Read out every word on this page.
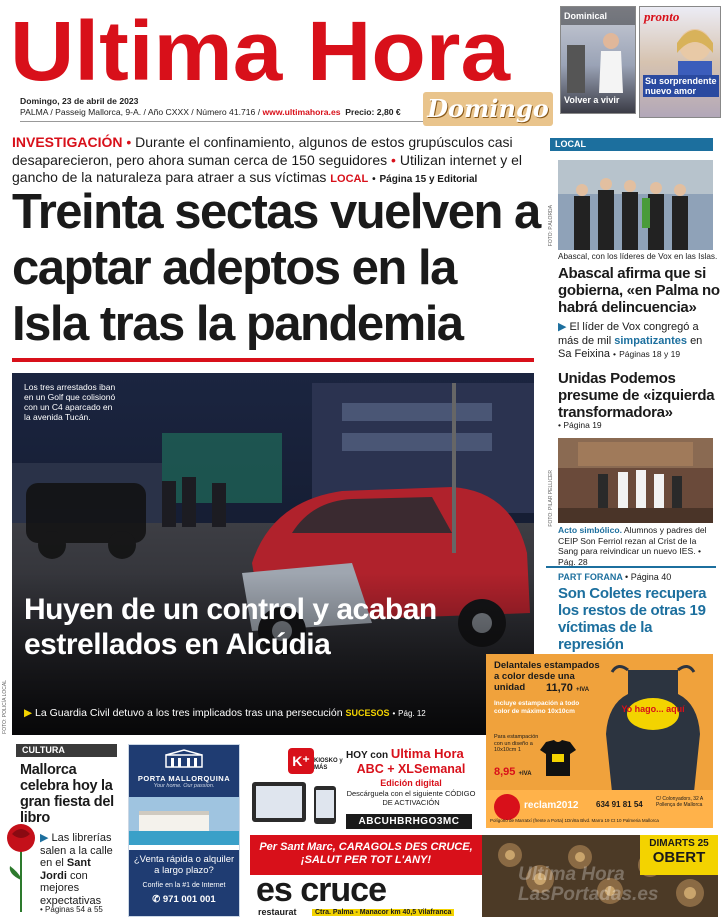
Ultima Hora
Domingo, 23 de abril de 2023
PALMA / Passeig Mallorca, 9-A. / Año CXXX / Número 41.716 / www.ultimahora.es Precio: 2,80 €	Domingo
Dominical
Volver a vivir
pronto
Su sorprendente nuevo amor
INVESTIGACIÓN • Durante el confinamiento, algunos de estos grupúsculos casi desaparecieron, pero ahora suman cerca de 150 seguidores • Utilizan internet y el gancho de la naturaleza para atraer a sus víctimas LOCAL • Página 15 y Editorial
Treinta sectas vuelven a captar adeptos en la Isla tras la pandemia
Los tres arrestados iban en un Golf que colisionó con un C4 aparcado en la avenida Tucán.
Huyen de un control y acaban estrellados en Alcúdia
▶ La Guardia Civil detuvo a los tres implicados tras una persecución SUCESOS • Pág. 12
FOTO: POLICÍA LOCAL
LOCAL
FOTO: P.ALORDA
Abascal, con los líderes de Vox en las Islas.
Abascal afirma que si gobierna, «en Palma no habrá delincuencia»
▶ El líder de Vox congregó a más de mil simpatizantes en Sa Feixina • Páginas 18 y 19
Unidas Podemos presume de «izquierda transformadora»
• Página 19
FOTO: PILAR PELLICER
Acto simbólico. Alumnos y padres del CEIP Son Ferriol rezan al Crist de la Sang para reivindicar un nuevo IES. • Pág. 28
PART FORANA • Página 40
Son Coletes recupera los restos de otras 19 víctimas de la represión
Delantales estampados a color desde una unidad	11,70 +IVA
Incluye estampación a todo color de máximo 10x10cm
Para estampación con un diseño a 10x10cm 1
8,95 +IVA
Yo hago... aquí
reclam2012 634 91 81 54
C/ Colonyadors, 32 A Pollença de Mallorca
Polígono de Marratxí (frente a Porta) 1Dn/8a Blvd. Marra 19 Ct 10 Palmeria Mallorca
CULTURA
Mallorca celebra hoy la gran fiesta del libro
▶ Las librerías salen a la calle en el Sant Jordi con mejores expectativas
• Páginas 54 a 55
PORTA MALLORQUINA
Your home. Our passion.
¿Venta rápida o alquiler a largo plazo?
Confíe en la #1 de Internet
✆ 971 001 001
K⁺ KIOSKO y MÁS
HOY con Ultima Hora
ABC + XLSemanal
Edición digital
Descárguela con el siguiente CÓDIGO DE ACTIVACIÓN
ABCUHBRHGO3MC
Per Sant Marc, CARAGOLS DES CRUCE, ¡SALUT PER TOT L'ANY!
es cruce
restaurat	Ctra. Palma - Manacor km 40,5 Vilafranca
DIMARTS 25
OBERT
Ultima Hora LasPortadas.es
